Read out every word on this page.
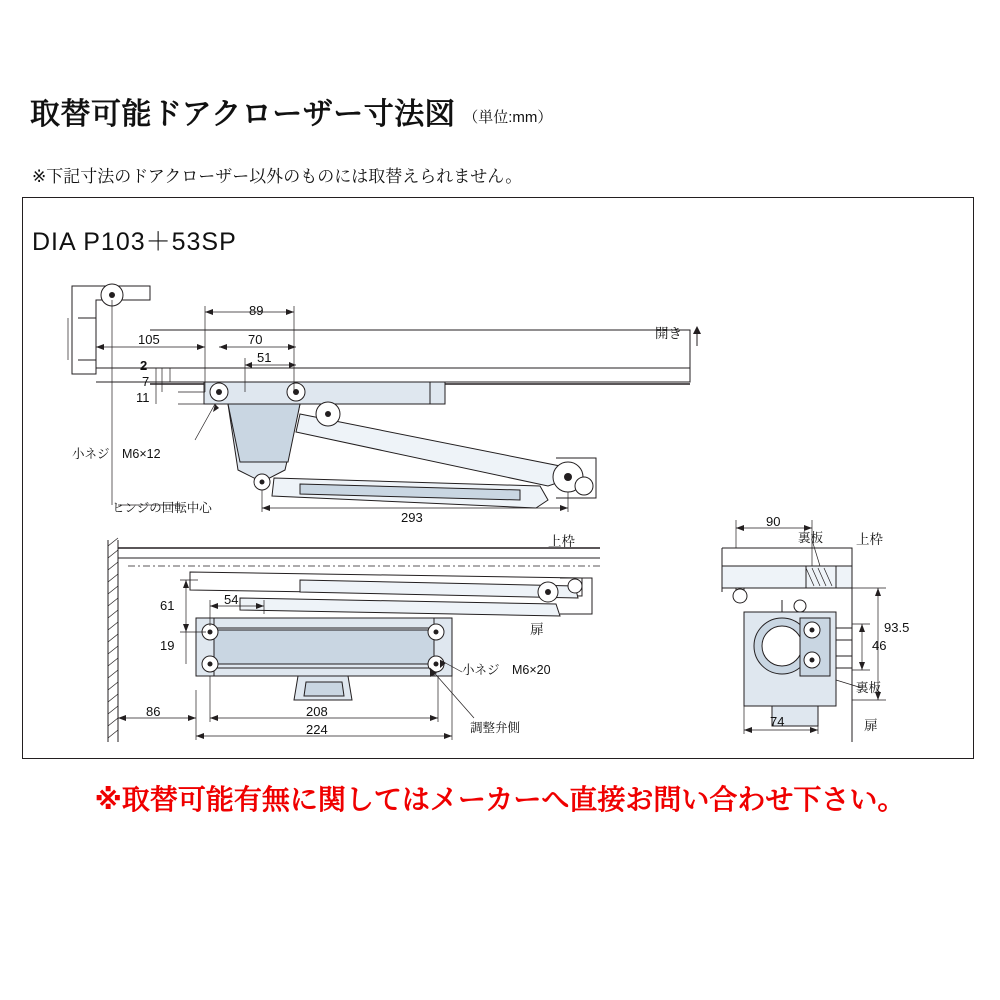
取替可能ドアクローザー寸法図 （単位:mm）
※下記寸法のドアクローザー以外のものには取替えられません。
DIA P103＋53SP
89
105	70
51
2
7
11
293
開き
小ネジ　M6×12
ヒンジの回転中心
61	54
19
86	208
224
上枠
扉
小ネジ　M6×20
調整弁側
90
93.5
46
74
裏板 上枠
裏板
扉
※取替可能有無に関してはメーカーへ直接お問い合わせ下さい。
